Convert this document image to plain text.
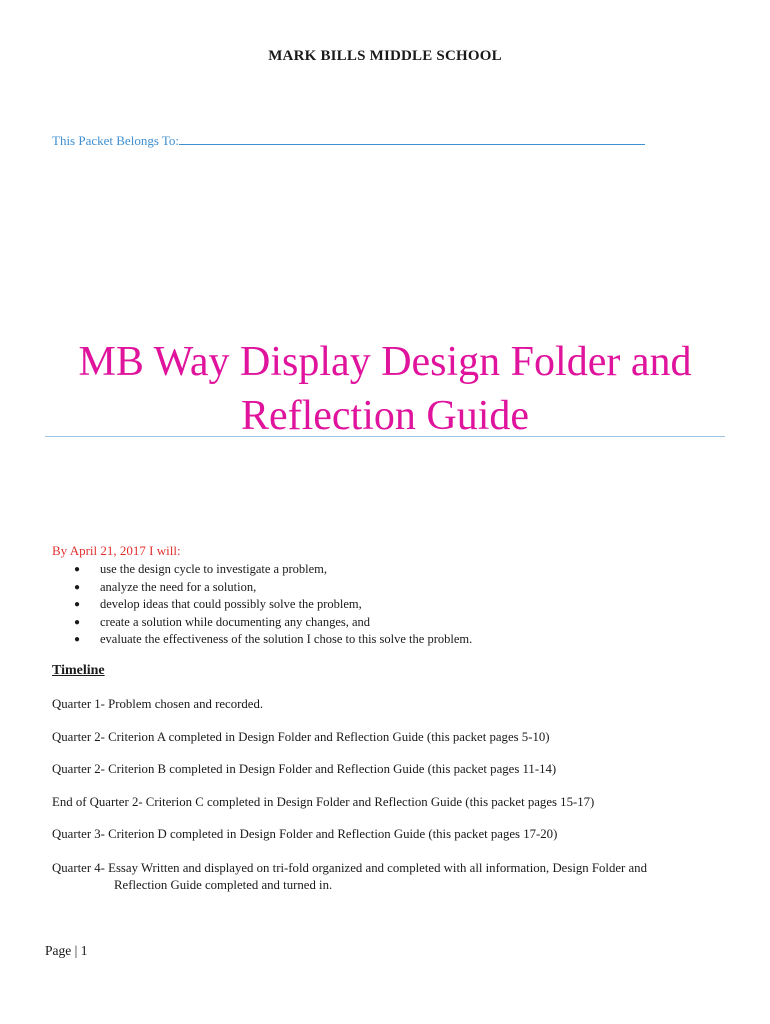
MARK BILLS MIDDLE SCHOOL
This Packet Belongs To:
MB Way Display Design Folder and
Reflection Guide
By April 21, 2017 I will:
● use the design cycle to investigate a problem,
● analyze the need for a solution,
● develop ideas that could possibly solve the problem,
● create a solution while documenting any changes, and
● evaluate the effectiveness of the solution I chose to this solve the problem.
Timeline
Quarter 1- Problem chosen and recorded.
Quarter 2- Criterion A completed in Design Folder and Reflection Guide (this packet pages 5-10)
Quarter 2- Criterion B completed in Design Folder and Reflection Guide (this packet pages 11-14)
End of Quarter 2- Criterion C completed in Design Folder and Reflection Guide (this packet pages 15-17)
Quarter 3- Criterion D completed in Design Folder and Reflection Guide (this packet pages 17-20)
Quarter 4- Essay Written and displayed on tri-fold organized and completed with all information, Design Folder and
Reflection Guide completed and turned in.
Page | 1
